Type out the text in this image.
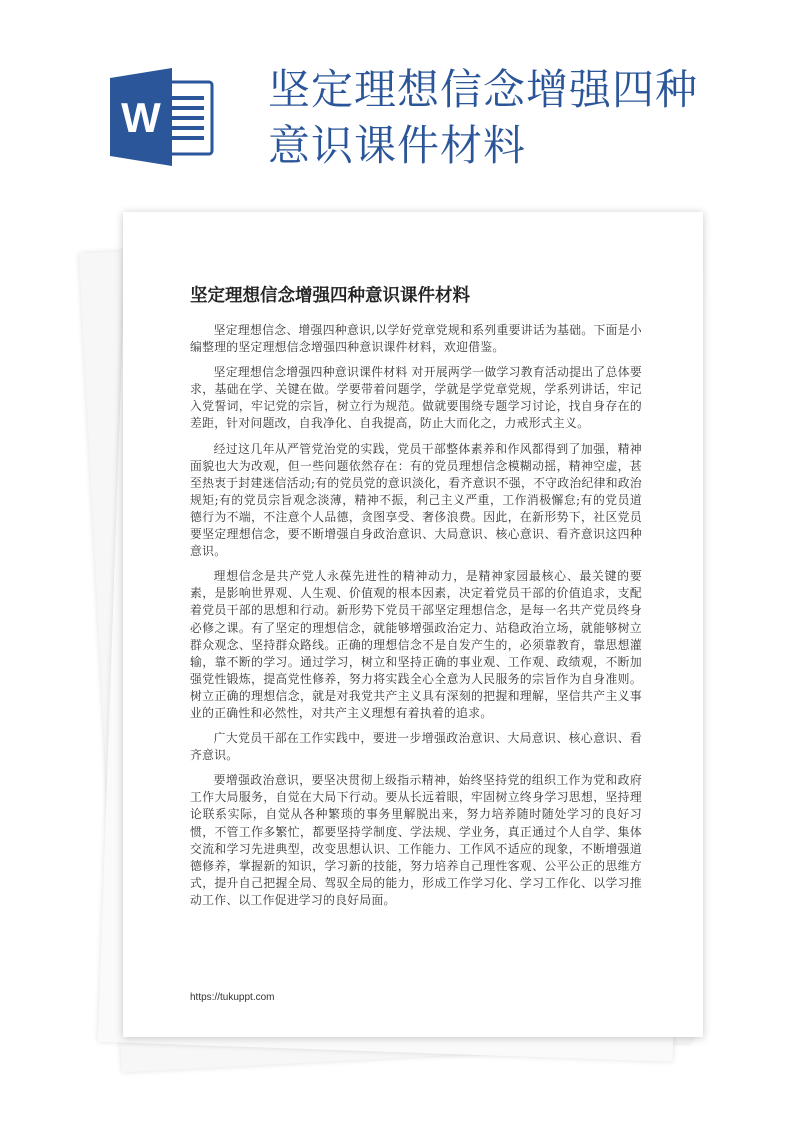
W
坚定理想信念增强四种意识课件材料
坚定理想信念增强四种意识课件材料

坚定理想信念、增强四种意识,以学好党章党规和系列重要讲话为基础。下面是小编整理的坚定理想信念增强四种意识课件材料，欢迎借鉴。

坚定理想信念增强四种意识课件材料 对开展两学一做学习教育活动提出了总体要求，基础在学、关键在做。学要带着问题学，学就是学党章党规，学系列讲话，牢记入党誓词，牢记党的宗旨，树立行为规范。做就要围绕专题学习讨论，找自身存在的差距，针对问题改，自我净化、自我提高，防止大而化之，力戒形式主义。

经过这几年从严管党治党的实践，党员干部整体素养和作风都得到了加强，精神面貌也大为改观，但一些问题依然存在：有的党员理想信念模糊动摇，精神空虚，甚至热衷于封建迷信活动;有的党员党的意识淡化，看齐意识不强，不守政治纪律和政治规矩;有的党员宗旨观念淡薄，精神不振，利己主义严重，工作消极懈怠;有的党员道德行为不端，不注意个人品德，贪图享受、奢侈浪费。因此，在新形势下，社区党员要坚定理想信念，要不断增强自身政治意识、大局意识、核心意识、看齐意识这四种意识。

理想信念是共产党人永葆先进性的精神动力，是精神家园最核心、最关键的要素，是影响世界观、人生观、价值观的根本因素，决定着党员干部的价值追求，支配着党员干部的思想和行动。新形势下党员干部坚定理想信念，是每一名共产党员终身必修之课。有了坚定的理想信念，就能够增强政治定力、站稳政治立场，就能够树立群众观念、坚持群众路线。正确的理想信念不是自发产生的，必须靠教育，靠思想灌输，靠不断的学习。通过学习，树立和坚持正确的事业观、工作观、政绩观，不断加强党性锻炼，提高党性修养，努力将实践全心全意为人民服务的宗旨作为自身准则。树立正确的理想信念，就是对我党共产主义具有深刻的把握和理解，坚信共产主义事业的正确性和必然性，对共产主义理想有着执着的追求。

广大党员干部在工作实践中，要进一步增强政治意识、大局意识、核心意识、看齐意识。

要增强政治意识，要坚决贯彻上级指示精神，始终坚持党的组织工作为党和政府工作大局服务，自觉在大局下行动。要从长远着眼，牢固树立终身学习思想，坚持理论联系实际，自觉从各种繁琐的事务里解脱出来，努力培养随时随处学习的良好习惯，不管工作多繁忙，都要坚持学制度、学法规、学业务，真正通过个人自学、集体交流和学习先进典型，改变思想认识、工作能力、工作风不适应的现象，不断增强道德修养，掌握新的知识，学习新的技能，努力培养自己理性客观、公平公正的思维方式，提升自己把握全局、驾驭全局的能力，形成工作学习化、学习工作化、以学习推动工作、以工作促进学习的良好局面。

https://tukuppt.com
